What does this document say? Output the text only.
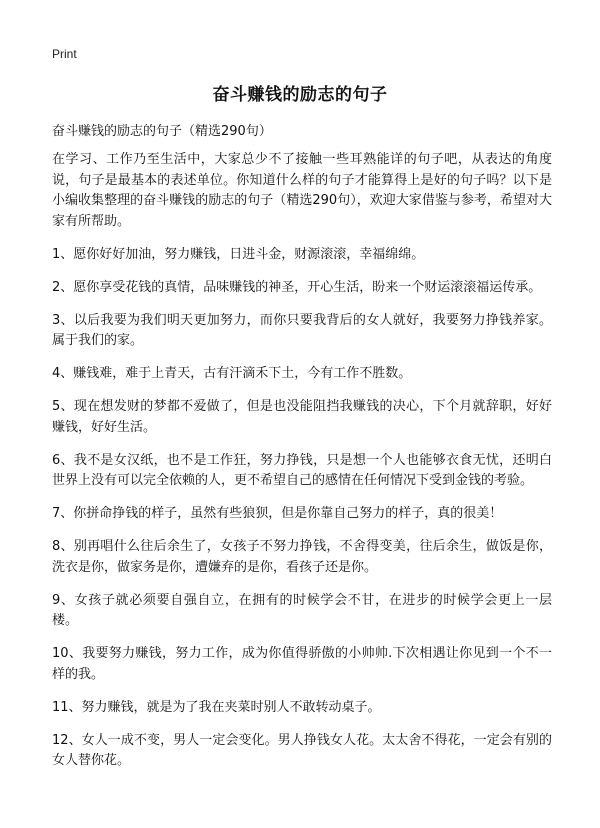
Print
奋斗赚钱的励志的句子

奋斗赚钱的励志的句子（精选290句）

在学习、工作乃至生活中，大家总少不了接触一些耳熟能详的句子吧，从表达的角度说，句子是最基本的表述单位。你知道什么样的句子才能算得上是好的句子吗？以下是小编收集整理的奋斗赚钱的励志的句子（精选290句），欢迎大家借鉴与参考，希望对大家有所帮助。

1、愿你好好加油，努力赚钱，日进斗金，财源滚滚，幸福绵绵。

2、愿你享受花钱的真情，品味赚钱的神圣，开心生活，盼来一个财运滚滚福运传承。

3、以后我要为我们明天更加努力，而你只要我背后的女人就好，我要努力挣钱养家。属于我们的家。

4、赚钱难，难于上青天，古有汗滴禾下土，今有工作不胜数。

5、现在想发财的梦都不爱做了，但是也没能阻挡我赚钱的决心，下个月就辞职，好好赚钱，好好生活。

6、我不是女汉纸，也不是工作狂，努力挣钱，只是想一个人也能够衣食无忧，还明白世界上没有可以完全依赖的人，更不希望自己的感情在任何情况下受到金钱的考验。

7、你拼命挣钱的样子，虽然有些狼狈，但是你靠自己努力的样子，真的很美！

8、别再唱什么往后余生了，女孩子不努力挣钱，不舍得变美，往后余生，做饭是你，洗衣是你，做家务是你，遭嫌弃的是你，看孩子还是你。

9、女孩子就必须要自强自立，在拥有的时候学会不甘，在进步的时候学会更上一层楼。

10、我要努力赚钱，努力工作，成为你值得骄傲的小帅帅.下次相遇让你见到一个不一样的我。

11、努力赚钱，就是为了我在夹菜时别人不敢转动桌子。

12、女人一成不变，男人一定会变化。男人挣钱女人花。太太舍不得花，一定会有别的女人替你花。
